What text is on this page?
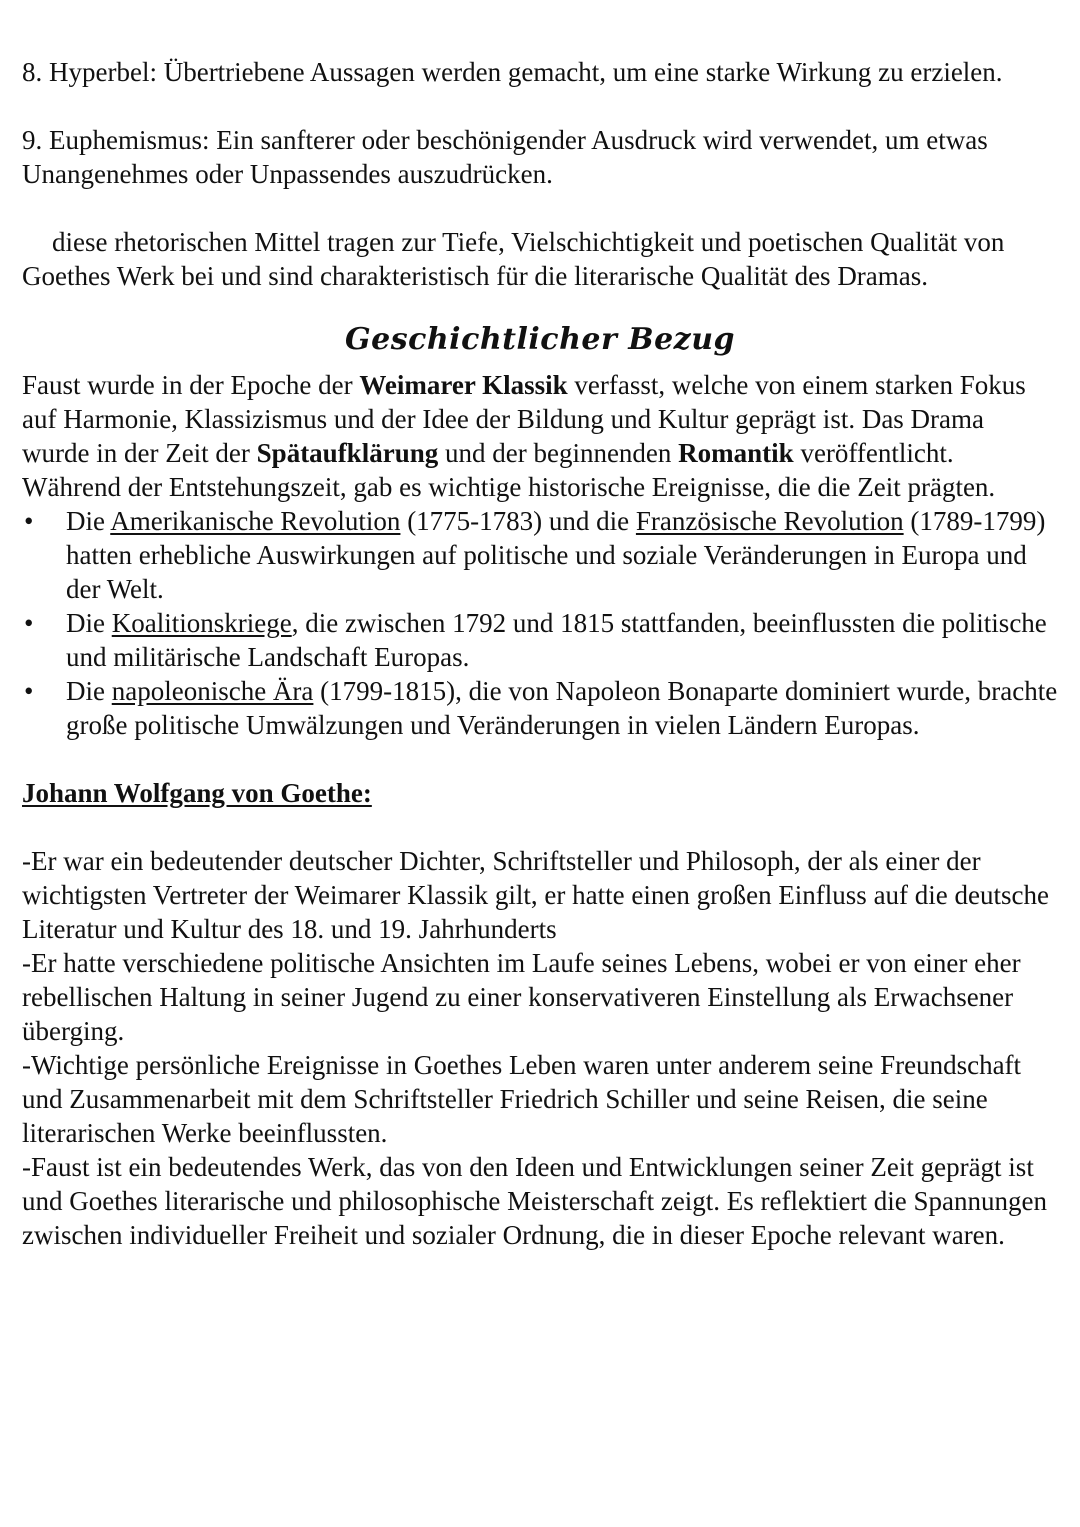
8. Hyperbel: Übertriebene Aussagen werden gemacht, um eine starke Wirkung zu erzielen.

9. Euphemismus: Ein sanfterer oder beschönigender Ausdruck wird verwendet, um etwas Unangenehmes oder Unpassendes auszudrücken.

diese rhetorischen Mittel tragen zur Tiefe, Vielschichtigkeit und poetischen Qualität von Goethes Werk bei und sind charakteristisch für die literarische Qualität des Dramas.

Geschichtlicher Bezug

Faust wurde in der Epoche der Weimarer Klassik verfasst, welche von einem starken Fokus auf Harmonie, Klassizismus und der Idee der Bildung und Kultur geprägt ist. Das Drama wurde in der Zeit der Spätaufklärung und der beginnenden Romantik veröffentlicht. Während der Entstehungszeit, gab es wichtige historische Ereignisse, die die Zeit prägten.

• Die Amerikanische Revolution (1775-1783) und die Französische Revolution (1789-1799) hatten erhebliche Auswirkungen auf politische und soziale Veränderungen in Europa und der Welt.
• Die Koalitionskriege, die zwischen 1792 und 1815 stattfanden, beeinflussten die politische und militärische Landschaft Europas.
• Die napoleonische Ära (1799-1815), die von Napoleon Bonaparte dominiert wurde, brachte große politische Umwälzungen und Veränderungen in vielen Ländern Europas.

Johann Wolfgang von Goethe:

-Er war ein bedeutender deutscher Dichter, Schriftsteller und Philosoph, der als einer der wichtigsten Vertreter der Weimarer Klassik gilt, er hatte einen großen Einfluss auf die deutsche Literatur und Kultur des 18. und 19. Jahrhunderts

-Er hatte verschiedene politische Ansichten im Laufe seines Lebens, wobei er von einer eher rebellischen Haltung in seiner Jugend zu einer konservativeren Einstellung als Erwachsener überging.

-Wichtige persönliche Ereignisse in Goethes Leben waren unter anderem seine Freundschaft und Zusammenarbeit mit dem Schriftsteller Friedrich Schiller und seine Reisen, die seine literarischen Werke beeinflussten.

-Faust ist ein bedeutendes Werk, das von den Ideen und Entwicklungen seiner Zeit geprägt ist und Goethes literarische und philosophische Meisterschaft zeigt. Es reflektiert die Spannungen zwischen individueller Freiheit und sozialer Ordnung, die in dieser Epoche relevant waren.
